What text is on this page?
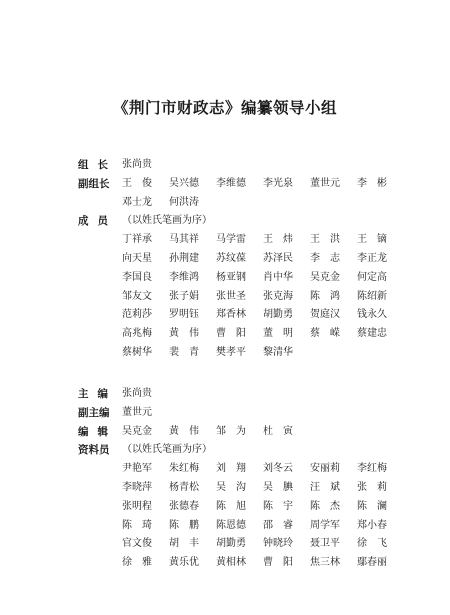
《荆门市财政志》编纂领导小组
组 长 张尚贵
副组长	王　俊 吴兴德 李维德 李光泉 董世元 李　彬
邓士龙 何洪涛
成 员 （以姓氏笔画为序）
丁祥承 马其祥 马学雷 王　炜 王　洪 王　镝
向天星 孙荆建 苏纹葆 苏泽民 李　志 李正龙
李国良 李维鸿 杨亚钢 肖中华 吴克金 何定高
邹友文 张子娟 张世圣 张克海 陈　鸿 陈绍新
范莉莎 罗明钰 郑香林 胡勤勇 贺庭汉 钱永久
高兆梅 黄　伟 曹　阳 董　明 蔡　嵘 蔡建忠
蔡树华 裴　青 樊孝平 黎清华
主 编 张尚贵
副主编	董世元
编 辑 吴克金 黄　伟 邹　为 杜　寅
资料员	（以姓氏笔画为序）
尹艳军 朱红梅 刘　翔 刘冬云 安丽莉 李红梅
李晓萍 杨青松 吴　沟 吴　腆 汪　斌 张　莉
张明程 张德春 陈　旭 陈　宇 陈　杰 陈　澜
陈　琦 陈　鹏 陈恩德 邵　睿 周学军 郑小春
官文俊 胡　丰 胡勤勇 钟晓玲 聂卫平 徐　飞
徐　雅 黄乐优 黄相林 曹　阳 焦三林 鄢春丽
